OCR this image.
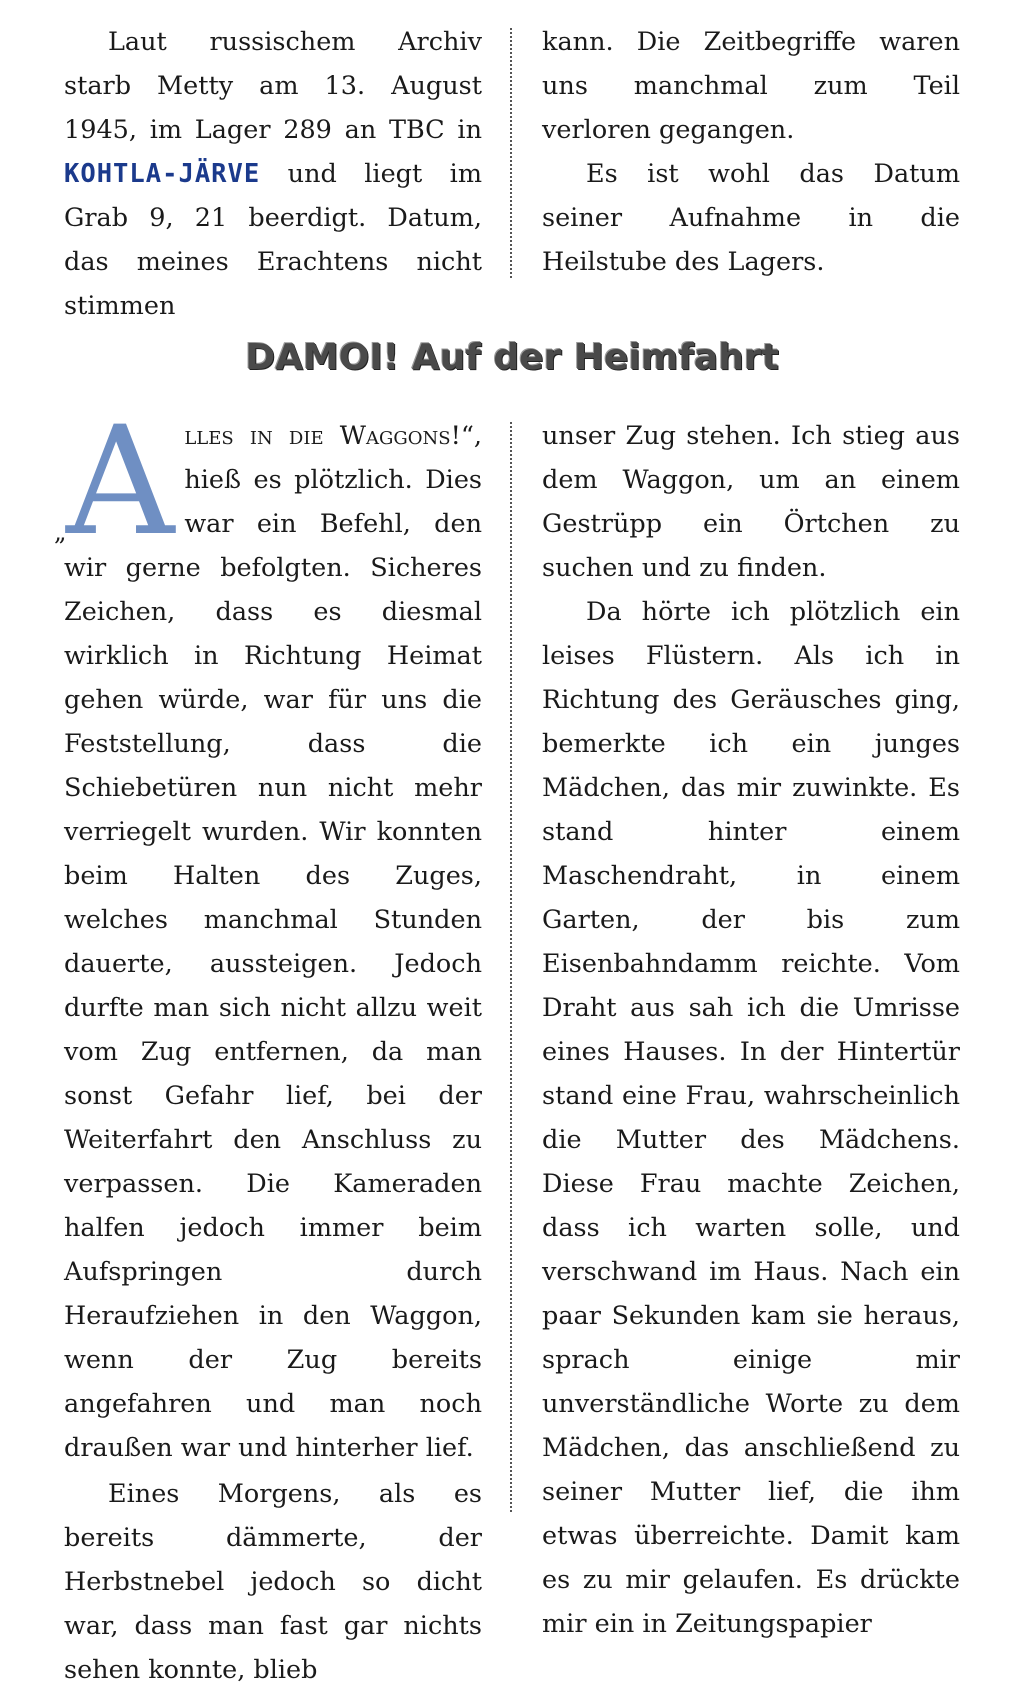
Laut russischem Archiv starb Metty am 13. August 1945, im Lager 289 an TBC in KOHTLA-JÄRVE und liegt im Grab 9, 21 beerdigt. Datum, das meines Erachtens nicht stimmen

kann. Die Zeitbegriffe waren uns manchmal zum Teil verloren gegangen.

Es ist wohl das Datum seiner Aufnahme in die Heilstube des Lagers.

DAMOI! Auf der Heimfahrt
„ Alles in die Waggons!“, hieß es plötzlich. Dies war ein Befehl, den wir gerne befolgten. Sicheres Zeichen, dass es diesmal wirklich in Richtung Heimat gehen würde, war für uns die Feststellung, dass die Schiebetüren nun nicht mehr verriegelt wurden. Wir konnten beim Halten des Zuges, welches manchmal Stunden dauerte, aussteigen. Jedoch durfte man sich nicht allzu weit vom Zug entfernen, da man sonst Gefahr lief, bei der Weiterfahrt den Anschluss zu verpassen. Die Kameraden halfen jedoch immer beim Aufspringen durch Heraufziehen in den Waggon, wenn der Zug bereits angefahren und man noch draußen war und hinterher lief.

Eines Morgens, als es bereits dämmerte, der Herbstnebel jedoch so dicht war, dass man fast gar nichts sehen konnte, blieb

unser Zug stehen. Ich stieg aus dem Waggon, um an einem Gestrüpp ein Örtchen zu suchen und zu finden.

Da hörte ich plötzlich ein leises Flüstern. Als ich in Richtung des Geräusches ging, bemerkte ich ein junges Mädchen, das mir zuwinkte. Es stand hinter einem Maschendraht, in einem Garten, der bis zum Eisenbahndamm reichte. Vom Draht aus sah ich die Umrisse eines Hauses. In der Hintertür stand eine Frau, wahrscheinlich die Mutter des Mädchens. Diese Frau machte Zeichen, dass ich warten solle, und verschwand im Haus. Nach ein paar Sekunden kam sie heraus, sprach einige mir unverständliche Worte zu dem Mädchen, das anschließend zu seiner Mutter lief, die ihm etwas überreichte. Damit kam es zu mir gelaufen. Es drückte mir ein in Zeitungspapier
